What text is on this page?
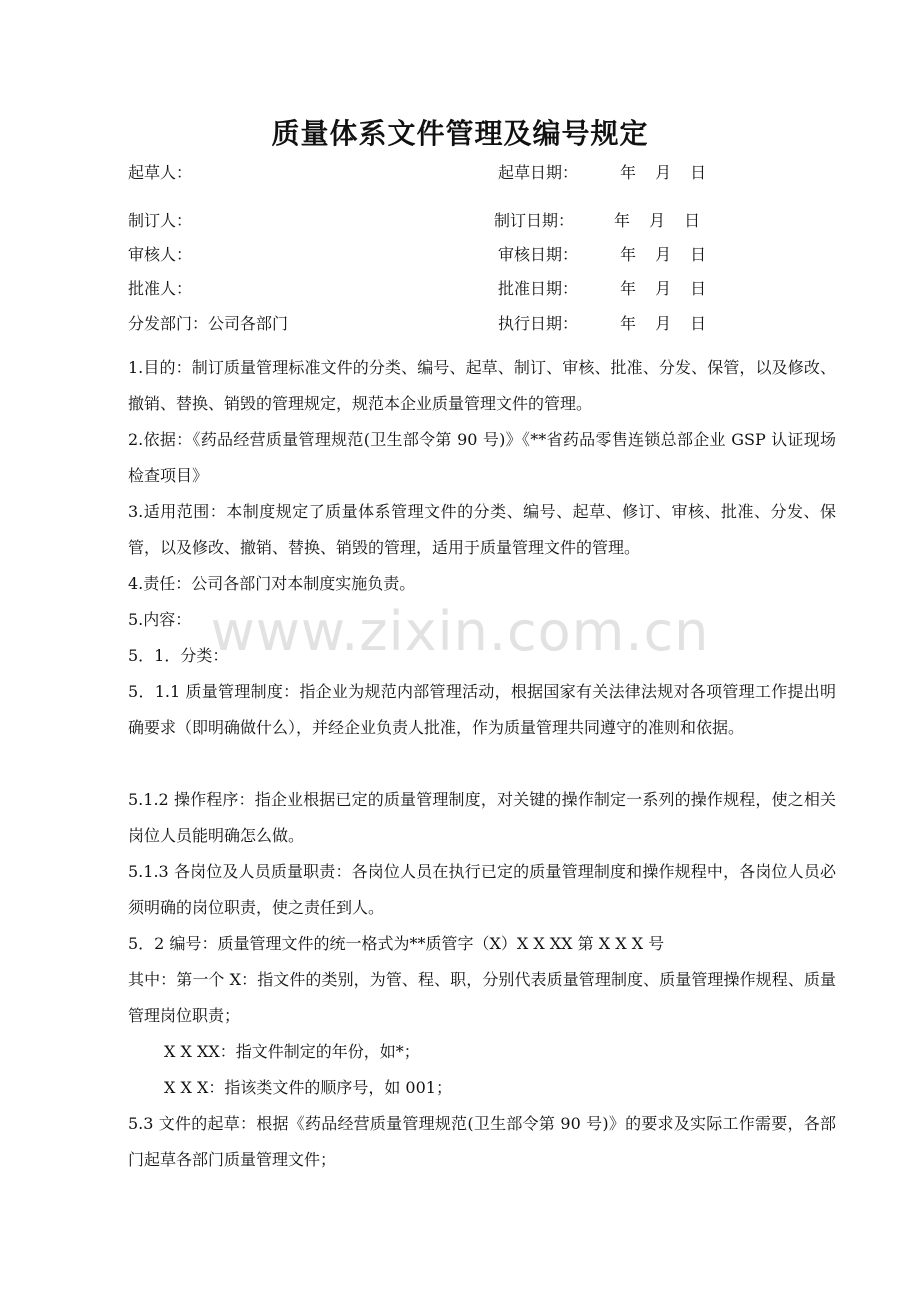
质量体系文件管理及编号规定
起草人：	起草日期：	年 月 日
制订人：	制订日期： 年 月 日
审核人：	审核日期：	年 月 日
批准人：	批准日期：	年 月 日
分发部门：公司各部门	执行日期：	年 月 日
1.目的：制订质量管理标准文件的分类、编号、起草、制订、审核、批准、分发、保管，以及修改、撤销、替换、销毁的管理规定，规范本企业质量管理文件的管理。
2.依据：《药品经营质量管理规范(卫生部令第 90 号)》《**省药品零售连锁总部企业 GSP 认证现场检查项目》
3.适用范围：本制度规定了质量体系管理文件的分类、编号、起草、修订、审核、批准、分发、保管，以及修改、撤销、替换、销毁的管理，适用于质量管理文件的管理。
4.责任：公司各部门对本制度实施负责。
5.内容：
5．1．分类：
5．1.1 质量管理制度：指企业为规范内部管理活动，根据国家有关法律法规对各项管理工作提出明确要求（即明确做什么），并经企业负责人批准，作为质量管理共同遵守的准则和依据。
5.1.2 操作程序：指企业根据已定的质量管理制度，对关键的操作制定一系列的操作规程，使之相关岗位人员能明确怎么做。
5.1.3 各岗位及人员质量职责：各岗位人员在执行已定的质量管理制度和操作规程中，各岗位人员必须明确的岗位职责，使之责任到人。
5．2 编号：质量管理文件的统一格式为**质管字（X）X X XX 第 X X X 号
其中：第一个 X：指文件的类别，为管、程、职，分别代表质量管理制度、质量管理操作规程、质量管理岗位职责；
X X XX：指文件制定的年份，如*；
X X X：指该类文件的顺序号，如 001；
5.3 文件的起草：根据《药品经营质量管理规范(卫生部令第 90 号)》的要求及实际工作需要，各部门起草各部门质量管理文件；
www.zixin.com.cn
